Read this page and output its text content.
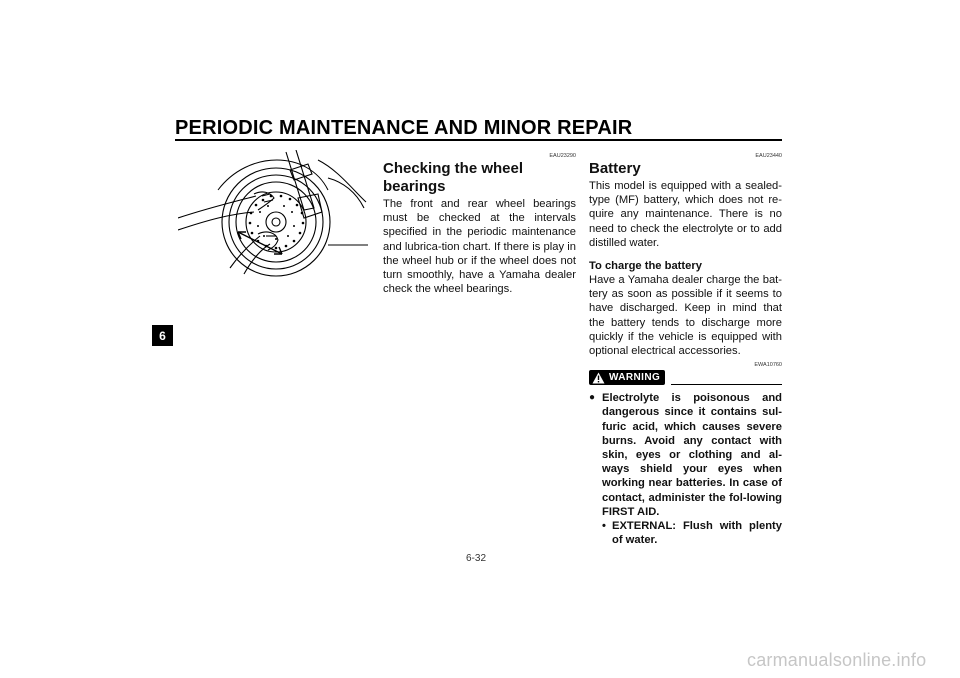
PERIODIC MAINTENANCE AND MINOR REPAIR
6
EAU23290
Checking the wheel bearings

The front and rear wheel bearings must be checked at the intervals specified in the periodic maintenance and lubrica-tion chart. If there is play in the wheel hub or if the wheel does not turn smoothly, have a Yamaha dealer check the wheel bearings.

EAU23440
Battery

This model is equipped with a sealed-type (MF) battery, which does not re-quire any maintenance. There is no need to check the electrolyte or to add distilled water.

To charge the battery

Have a Yamaha dealer charge the bat-tery as soon as possible if it seems to have discharged. Keep in mind that the battery tends to discharge more quickly if the vehicle is equipped with optional electrical accessories.

EWA10760
WARNING
● Electrolyte is poisonous and dangerous since it contains sul-furic acid, which causes severe burns. Avoid any contact with skin, eyes or clothing and al-ways shield your eyes when working near batteries. In case of contact, administer the fol-lowing FIRST AID.
• EXTERNAL: Flush with plenty of water.
6-32
carmanualsonline.info
